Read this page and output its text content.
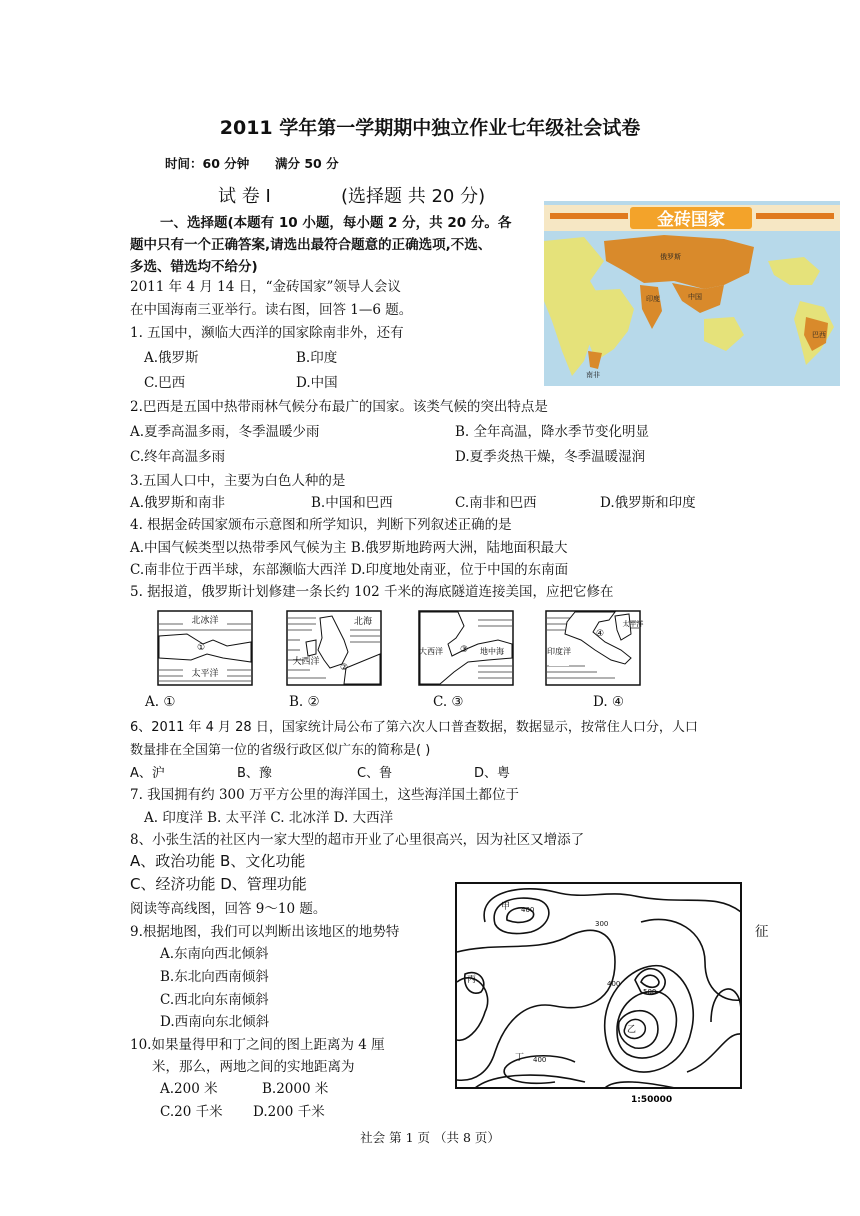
2011 学年第一学期期中独立作业七年级社会试卷
时间：60 分钟 满分 50 分
试 卷 Ⅰ	(选择题 共 20 分)
一、选择题(本题有 10 小题，每小题 2 分，共 20 分。各
题中只有一个正确答案,请选出最符合题意的正确选项,不选、
多选、错选均不给分)
金砖国家
俄罗斯
中国
印度
巴西
南非
2011 年 4 月 14 日，“金砖国家”领导人会议
在中国海南三亚举行。读右图，回答 1—6 题。
1. 五国中，濒临大西洋的国家除南非外，还有
A.俄罗斯	B.印度
C.巴西	D.中国
2.巴西是五国中热带雨林气候分布最广的国家。该类气候的突出特点是
A.夏季高温多雨，冬季温暖少雨	B. 全年高温，降水季节变化明显
C.终年高温多雨	D.夏季炎热干燥，冬季温暖湿润
3.五国人口中，主要为白色人种的是
A.俄罗斯和南非	B.中国和巴西	C.南非和巴西	D.俄罗斯和印度
4. 根据金砖国家颁布示意图和所学知识，判断下列叙述正确的是
A.中国气候类型以热带季风气候为主 B.俄罗斯地跨两大洲，陆地面积最大
C.南非位于西半球，东部濒临大西洋 D.印度地处南亚，位于中国的东南面
5. 据报道，俄罗斯计划修建一条长约 102 千米的海底隧道连接美国，应把它修在
北冰洋
①
太平洋
北海
大西洋
②
大西洋 ③ 地中海
④
印度洋
太平洋
A. ①	B. ②	C. ③	D. ④
6、2011 年 4 月 28 日，国家统计局公布了第六次人口普查数据，数据显示，按常住人口分，人口
数量排在全国第一位的省级行政区似广东的简称是( )
A、沪	B、豫	C、鲁	D、粤
7. 我国拥有约 300 万平方公里的海洋国土，这些海洋国土都位于
A. 印度洋 B. 太平洋 C. 北冰洋 D. 大西洋
8、小张生活的社区内一家大型的超市开业了心里很高兴，因为社区又增添了
A、政治功能 B、文化功能
C、经济功能 D、管理功能
阅读等高线图，回答 9～10 题。
9.根据地图，我们可以判断出该地区的地势特	征
A.东南向西北倾斜
B.东北向西南倾斜
C.西北向东南倾斜
D.西南向东北倾斜
10.如果量得甲和丁之间的图上距离为 4 厘
米，那么，两地之间的实地距离为
A.200 米	B.2000 米
C.20 千米 D.200 千米
甲
丙
乙
丁
400
300
400
500
400
1:50000
社会 第 1 页 （共 8 页）
